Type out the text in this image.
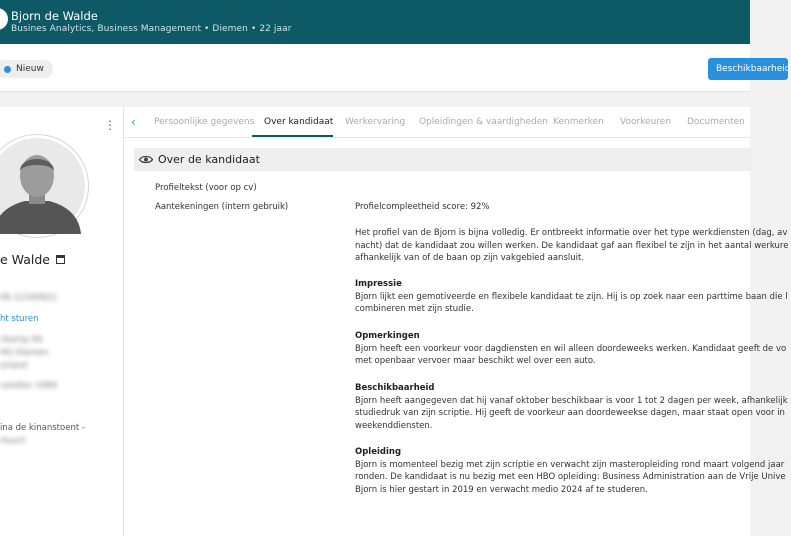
Bjorn de Walde
Busines Analytics, Business Management • Diemen • 22 jaar
Nieuw	Beschikbaarheid
⋮
e Walde
06-12345821
ht sturen
nkamp 84
HG Diemen
erland
vember 1999
ina de kinanstoent -
muurt
‹ Persoonlijke gegevens Over kandidaat Werkervaring Opleidingen & vaardigheden Kenmerken Voorkeuren Documenten
Over de kandidaat
Profieltekst (voor op cv)
Aantekeningen (intern gebruik)	Profielcompleetheid score: 92%
Het profiel van de Bjorn is bijna volledig. Er ontbreekt informatie over het type werkdiensten (dag, av
nacht) dat de kandidaat zou willen werken. De kandidaat gaf aan flexibel te zijn in het aantal werkure
afhankelijk van of de baan op zijn vakgebied aansluit.
Impressie
Bjorn lijkt een gemotiveerde en flexibele kandidaat te zijn. Hij is op zoek naar een parttime baan die l
combineren met zijn studie.
Opmerkingen
Bjorn heeft een voorkeur voor dagdiensten en wil alleen doordeweeks werken. Kandidaat geeft de vo
met openbaar vervoer maar beschikt wel over een auto.
Beschikbaarheid
Bjorn heeft aangegeven dat hij vanaf oktober beschikbaar is voor 1 tot 2 dagen per week, afhankelijk
studiedruk van zijn scriptie. Hij geeft de voorkeur aan doordeweekse dagen, maar staat open voor in
weekenddiensten.
Opleiding
Bjorn is momenteel bezig met zijn scriptie en verwacht zijn masteropleiding rond maart volgend jaar
ronden. De kandidaat is nu bezig met een HBO opleiding: Business Administration aan de Vrije Unive
Bjorn is hier gestart in 2019 en verwacht medio 2024 af te studeren.
